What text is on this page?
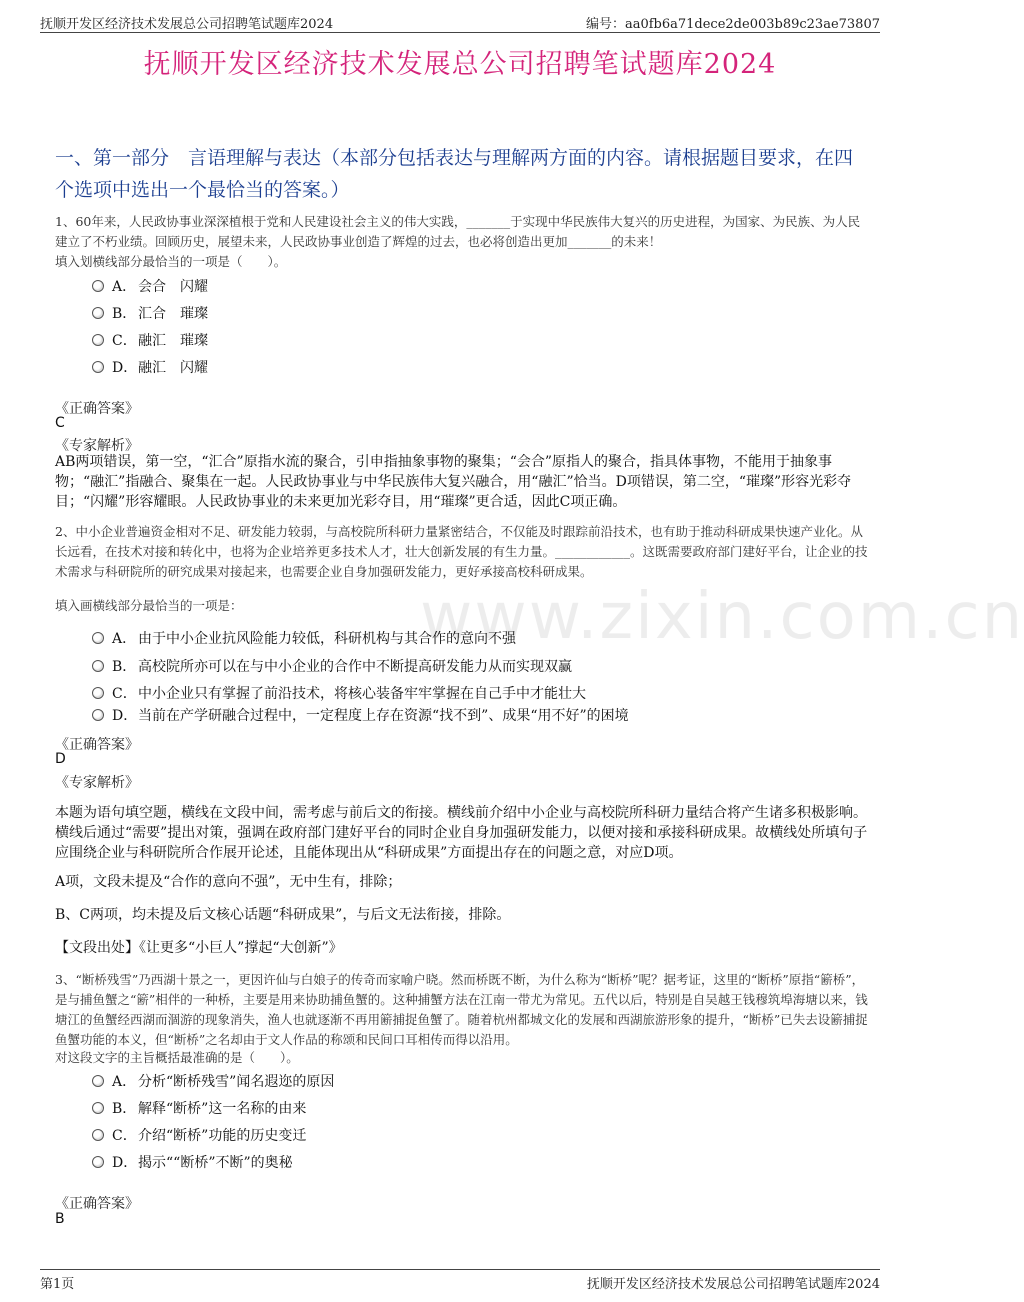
抚顺开发区经济技术发展总公司招聘笔试题库2024	编号：aa0fb6a71dece2de003b89c23ae73807
抚顺开发区经济技术发展总公司招聘笔试题库2024
一、第一部分　言语理解与表达（本部分包括表达与理解两方面的内容。请根据题目要求，在四个选项中选出一个最恰当的答案。）
1、60年来，人民政协事业深深植根于党和人民建设社会主义的伟大实践，_______于实现中华民族伟大复兴的历史进程，为国家、为民族、为人民建立了不朽业绩。回顾历史，展望未来，人民政协事业创造了辉煌的过去，也必将创造出更加_______的未来！
填入划横线部分最恰当的一项是（　　）。
A． 会合　闪耀
B． 汇合　璀璨
C．融汇　璀璨
D．融汇　闪耀
《正确答案》
C
《专家解析》
AB两项错误，第一空，“汇合”原指水流的聚合，引申指抽象事物的聚集；“会合”原指人的聚合，指具体事物，不能用于抽象事物；“融汇”指融合、聚集在一起。人民政协事业与中华民族伟大复兴融合，用“融汇”恰当。D项错误，第二空，“璀璨”形容光彩夺目；“闪耀”形容耀眼。人民政协事业的未来更加光彩夺目，用“璀璨”更合适，因此C项正确。
2、中小企业普遍资金相对不足、研发能力较弱，与高校院所科研力量紧密结合，不仅能及时跟踪前沿技术，也有助于推动科研成果快速产业化。从长远看，在技术对接和转化中，也将为企业培养更多技术人才，壮大创新发展的有生力量。____________。这既需要政府部门建好平台，让企业的技术需求与科研院所的研究成果对接起来，也需要企业自身加强研发能力，更好承接高校科研成果。
填入画横线部分最恰当的一项是：
A． 由于中小企业抗风险能力较低，科研机构与其合作的意向不强
B． 高校院所亦可以在与中小企业的合作中不断提高研发能力从而实现双赢
C．中小企业只有掌握了前沿技术，将核心装备牢牢掌握在自己手中才能壮大
D．当前在产学研融合过程中，一定程度上存在资源“找不到”、成果“用不好”的困境
《正确答案》
D
《专家解析》
本题为语句填空题，横线在文段中间，需考虑与前后文的衔接。横线前介绍中小企业与高校院所科研力量结合将产生诸多积极影响。横线后通过“需要”提出对策，强调在政府部门建好平台的同时企业自身加强研发能力，以便对接和承接科研成果。故横线处所填句子应围绕企业与科研院所合作展开论述，且能体现出从“科研成果”方面提出存在的问题之意，对应D项。
A项，文段未提及“合作的意向不强”，无中生有，排除；
B、C两项，均未提及后文核心话题“科研成果”，与后文无法衔接，排除。
【文段出处】《让更多“小巨人”撑起“大创新”》
3、“断桥残雪”乃西湖十景之一，更因许仙与白娘子的传奇而家喻户晓。然而桥既不断，为什么称为“断桥”呢？据考证，这里的“断桥”原指“簖桥”，是与捕鱼蟹之“簖”相伴的一种桥，主要是用来协助捕鱼蟹的。这种捕蟹方法在江南一带尤为常见。五代以后，特别是自吴越王钱穆筑埠海塘以来，钱塘江的鱼蟹经西湖而涸游的现象消失，渔人也就逐渐不再用簖捕捉鱼蟹了。随着杭州都城文化的发展和西湖旅游形象的提升，“断桥”已失去设簖捕捉鱼蟹功能的本义，但“断桥”之名却由于文人作品的称颂和民间口耳相传而得以沿用。
对这段文字的主旨概括最准确的是（　　）。
A． 分析“断桥残雪”闻名遐迩的原因
B． 解释“断桥”这一名称的由来
C．介绍“断桥”功能的历史变迁
D．揭示““断桥”不断”的奥秘
《正确答案》
B
www.zixin.com.cn
第1页	抚顺开发区经济技术发展总公司招聘笔试题库2024
